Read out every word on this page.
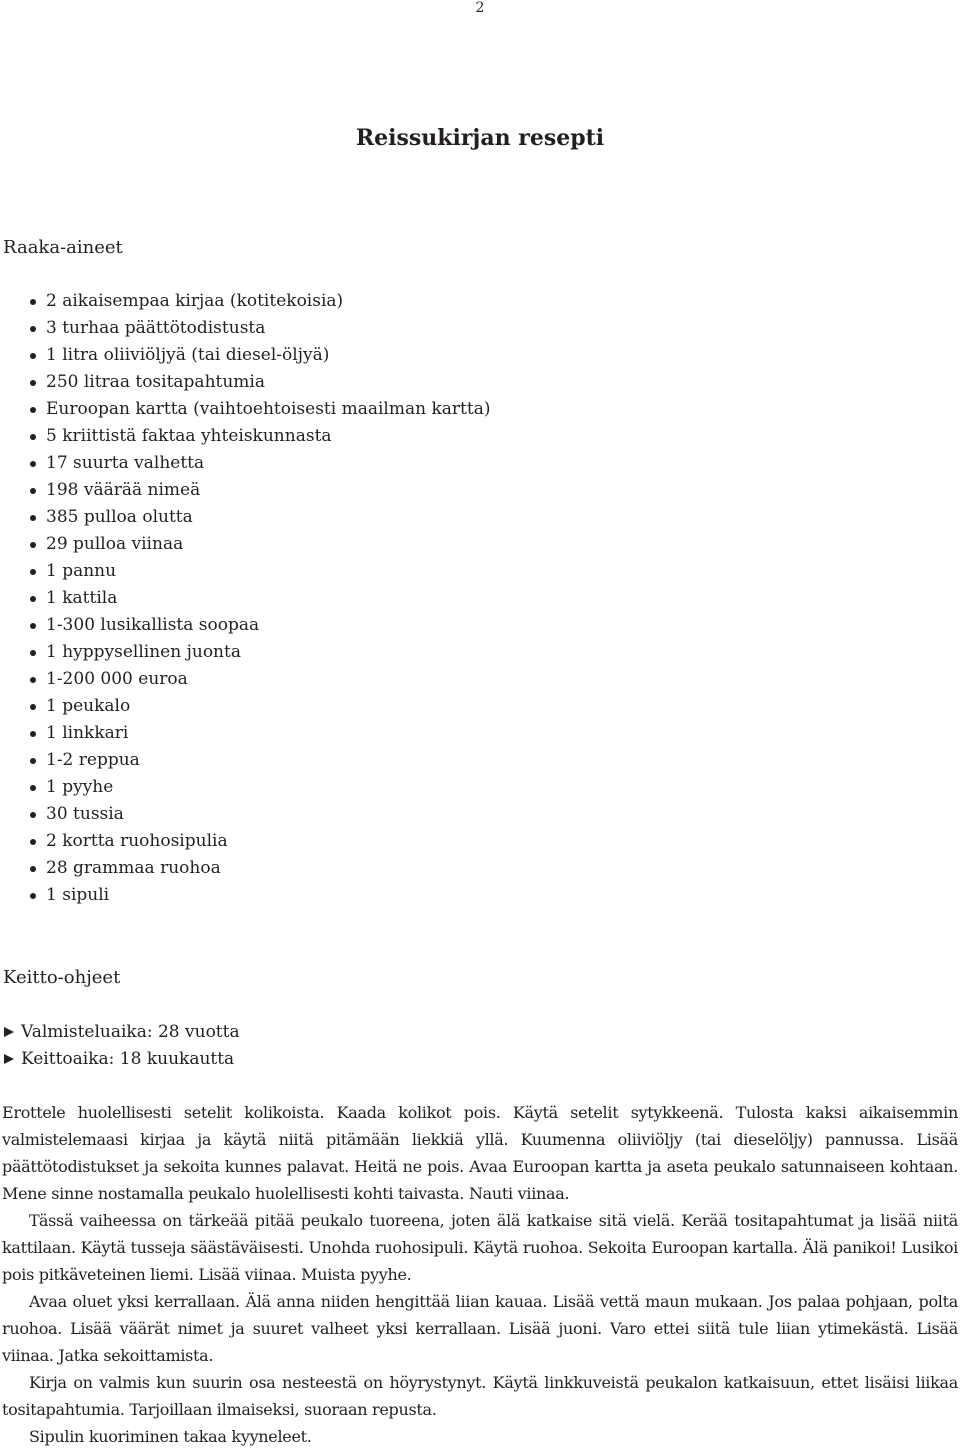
2
Reissukirjan resepti
Raaka-aineet
2 aikaisempaa kirjaa (kotitekoisia)
3 turhaa päättötodistusta
1 litra oliiviöljyä (tai diesel-öljyä)
250 litraa tositapahtumia
Euroopan kartta (vaihtoehtoisesti maailman kartta)
5 kriittistä faktaa yhteiskunnasta
17 suurta valhetta
198 väärää nimeä
385 pulloa olutta
29 pulloa viinaa
1 pannu
1 kattila
1-300 lusikallista soopaa
1 hyppysellinen juonta
1-200 000 euroa
1 peukalo
1 linkkari
1-2 reppua
1 pyyhe
30 tussia
2 kortta ruohosipulia
28 grammaa ruohoa
1 sipuli
Keitto-ohjeet
Valmisteluaika: 28 vuotta
Keittoaika: 18 kuukautta

Erottele huolellisesti setelit kolikoista. Kaada kolikot pois. Käytä setelit sytykkeenä. Tulosta kaksi aikaisemmin valmistelemaasi kirjaa ja käytä niitä pitämään liekkiä yllä. Kuumenna oliiviöljy (tai dieselöljy) pannussa. Lisää päättötodistukset ja sekoita kunnes palavat. Heitä ne pois. Avaa Euroopan kartta ja aseta peukalo satunnaiseen kohtaan. Mene sinne nostamalla peukalo huolellisesti kohti taivasta. Nauti viinaa.

Tässä vaiheessa on tärkeää pitää peukalo tuoreena, joten älä katkaise sitä vielä. Kerää tositapahtumat ja lisää niitä kattilaan. Käytä tusseja säästäväisesti. Unohda ruohosipuli. Käytä ruohoa. Sekoita Euroopan kartalla. Älä panikoi! Lusikoi pois pitkäveteinen liemi. Lisää viinaa. Muista pyyhe.

Avaa oluet yksi kerrallaan. Älä anna niiden hengittää liian kauaa. Lisää vettä maun mukaan. Jos palaa pohjaan, polta ruohoa. Lisää väärät nimet ja suuret valheet yksi kerrallaan. Lisää juoni. Varo ettei siitä tule liian ytimekästä. Lisää viinaa. Jatka sekoittamista.

Kirja on valmis kun suurin osa nesteestä on höyrystynyt. Käytä linkkuveistä peukalon katkaisuun, ettet lisäisi liikaa tositapahtumia. Tarjoillaan ilmaiseksi, suoraan repusta.

Sipulin kuoriminen takaa kyyneleet.
